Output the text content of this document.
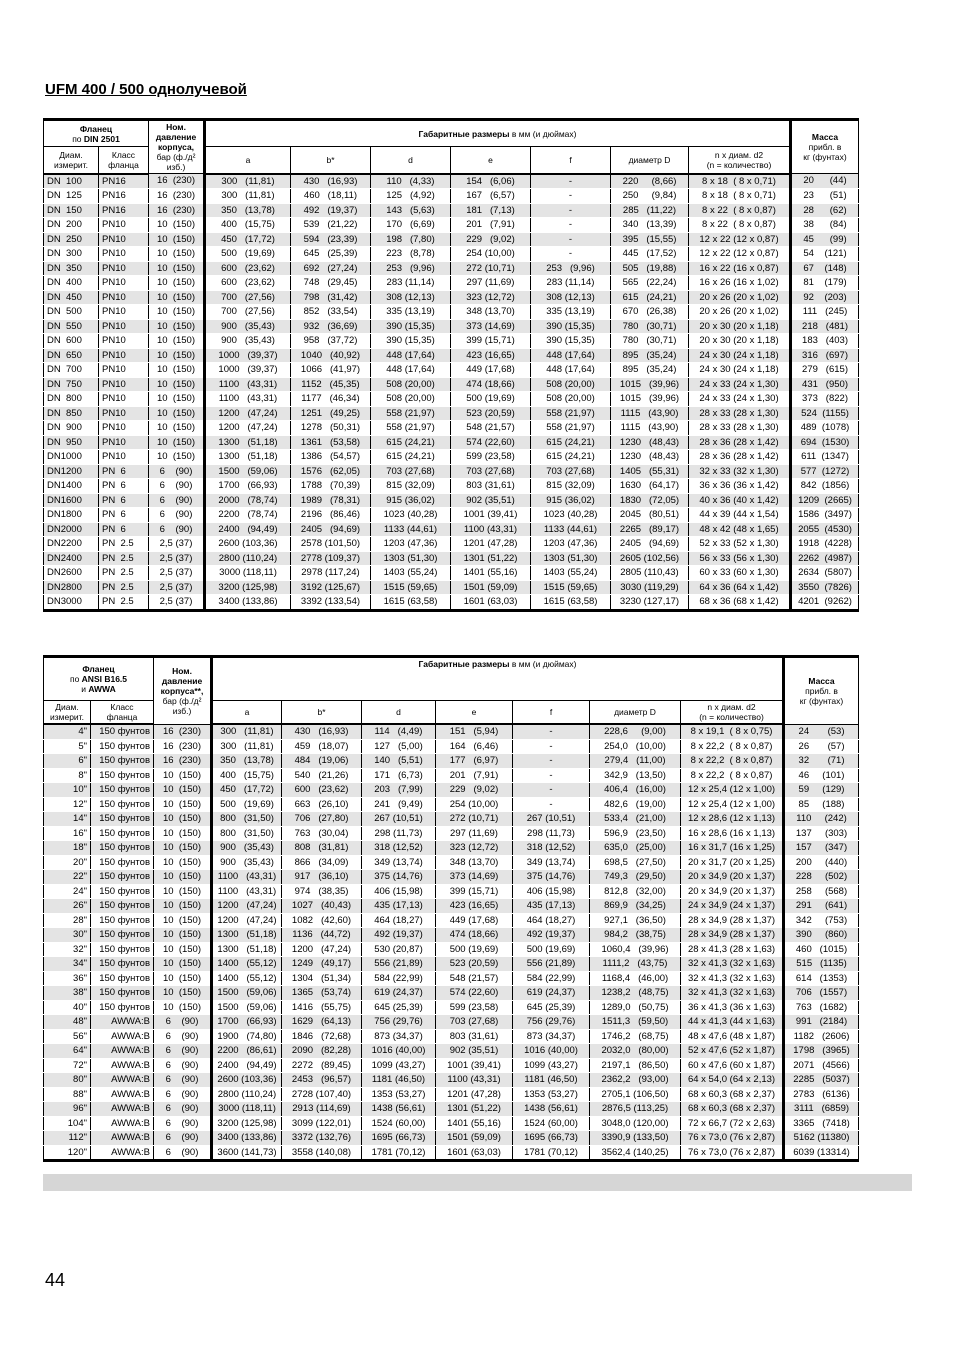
UFM 400 / 500 однолучевой
Фланец
по DIN 2501		Ном.
давление
корпуса,
бар (ф./д²
изб.)	Габаритные размеры в мм (и дюймах)							Масса
прибл. в
кг (фунтах)
Диам.
измерит.	Класс
фланца		a	b*	d	e	f	диаметр D	n x диам. d2
(n = количество)	
DN  100	PN16	16  (230)	300   (11,81)	430   (16,93)	110   (4,33)	154   (6,06)	-	220     (8,66)	8 x 18  ( 8 x 0,71)	20      (44)
DN  125	PN16	16  (230)	300   (11,81)	460   (18,11)	125   (4,92)	167   (6,57)	-	250     (9,84)	8 x 18  ( 8 x 0,71)	23      (51)
DN  150	PN16	16  (230)	350   (13,78)	492   (19,37)	143   (5,63)	181   (7,13)	-	285   (11,22)	8 x 22  ( 8 x 0,87)	28      (62)
DN  200	PN10	10  (150)	400   (15,75)	539   (21,22)	170   (6,69)	201   (7,91)	-	340   (13,39)	8 x 22  ( 8 x 0,87)	38      (84)
DN  250	PN10	10  (150)	450   (17,72)	594   (23,39)	198   (7,80)	229   (9,02)	-	395   (15,55)	12 x 22 (12 x 0,87)	45      (99)
DN  300	PN10	10  (150)	500   (19,69)	645   (25,39)	223   (8,78)	254 (10,00)	-	445   (17,52)	12 x 22 (12 x 0,87)	54    (121)
DN  350	PN10	10  (150)	600   (23,62)	692   (27,24)	253   (9,96)	272 (10,71)	253   (9,96)	505   (19,88)	16 x 22 (16 x 0,87)	67    (148)
DN  400	PN10	10  (150)	600   (23,62)	748   (29,45)	283 (11,14)	297 (11,69)	283 (11,14)	565   (22,24)	16 x 26 (16 x 1,02)	81    (179)
DN  450	PN10	10  (150)	700   (27,56)	798   (31,42)	308 (12,13)	323 (12,72)	308 (12,13)	615   (24,21)	20 x 26 (20 x 1,02)	92    (203)
DN  500	PN10	10  (150)	700   (27,56)	852   (33,54)	335 (13,19)	348 (13,70)	335 (13,19)	670   (26,38)	20 x 26 (20 x 1,02)	111   (245)
DN  550	PN10	10  (150)	900   (35,43)	932   (36,69)	390 (15,35)	373 (14,69)	390 (15,35)	780   (30,71)	20 x 30 (20 x 1,18)	218   (481)
DN  600	PN10	10  (150)	900   (35,43)	958   (37,72)	390 (15,35)	399 (15,71)	390 (15,35)	780   (30,71)	20 x 30 (20 x 1,18)	183   (403)
DN  650	PN10	10  (150)	1000   (39,37)	1040   (40,92)	448 (17,64)	423 (16,65)	448 (17,64)	895   (35,24)	24 x 30 (24 x 1,18)	316   (697)
DN  700	PN10	10  (150)	1000   (39,37)	1066   (41,97)	448 (17,64)	449 (17,68)	448 (17,64)	895   (35,24)	24 x 30 (24 x 1,18)	279   (615)
DN  750	PN10	10  (150)	1100   (43,31)	1152   (45,35)	508 (20,00)	474 (18,66)	508 (20,00)	1015   (39,96)	24 x 33 (24 x 1,30)	431   (950)
DN  800	PN10	10  (150)	1100   (43,31)	1177   (46,34)	508 (20,00)	500 (19,69)	508 (20,00)	1015   (39,96)	24 x 33 (24 x 1,30)	373   (822)
DN  850	PN10	10  (150)	1200   (47,24)	1251   (49,25)	558 (21,97)	523 (20,59)	558 (21,97)	1115   (43,90)	28 x 33 (28 x 1,30)	524  (1155)
DN  900	PN10	10  (150)	1200   (47,24)	1278   (50,31)	558 (21,97)	548 (21,57)	558 (21,97)	1115   (43,90)	28 x 33 (28 x 1,30)	489  (1078)
DN  950	PN10	10  (150)	1300   (51,18)	1361   (53,58)	615 (24,21)	574 (22,60)	615 (24,21)	1230   (48,43)	28 x 36 (28 x 1,42)	694  (1530)
DN1000	PN10	10  (150)	1300   (51,18)	1386   (54,57)	615 (24,21)	599 (23,58)	615 (24,21)	1230   (48,43)	28 x 36 (28 x 1,42)	611  (1347)
DN1200	PN  6	6    (90)	1500   (59,06)	1576   (62,05)	703 (27,68)	703 (27,68)	703 (27,68)	1405   (55,31)	32 x 33 (32 x 1,30)	577  (1272)
DN1400	PN  6	6    (90)	1700   (66,93)	1788   (70,39)	815 (32,09)	803 (31,61)	815 (32,09)	1630   (64,17)	36 x 36 (36 x 1,42)	842  (1856)
DN1600	PN  6	6    (90)	2000   (78,74)	1989   (78,31)	915 (36,02)	902 (35,51)	915 (36,02)	1830   (72,05)	40 x 36 (40 x 1,42)	1209  (2665)
DN1800	PN  6	6    (90)	2200   (78,74)	2196   (86,46)	1023 (40,28)	1001 (39,41)	1023 (40,28)	2045   (80,51)	44 x 39 (44 x 1,54)	1586  (3497)
DN2000	PN  6	6    (90)	2400   (94,49)	2405   (94,69)	1133 (44,61)	1100 (43,31)	1133 (44,61)	2265   (89,17)	48 x 42 (48 x 1,65)	2055  (4530)
DN2200	PN  2.5	2,5 (37)	2600 (103,36)	2578 (101,50)	1203 (47,36)	1201 (47,28)	1203 (47,36)	2405   (94,69)	52 x 33 (52 x 1,30)	1918  (4228)
DN2400	PN  2.5	2,5 (37)	2800 (110,24)	2778 (109,37)	1303 (51,30)	1301 (51,22)	1303 (51,30)	2605 (102,56)	56 x 33 (56 x 1,30)	2262  (4987)
DN2600	PN  2.5	2,5 (37)	3000 (118,11)	2978 (117,24)	1403 (55,24)	1401 (55,16)	1403 (55,24)	2805 (110,43)	60 x 33 (60 x 1,30)	2634  (5807)
DN2800	PN  2.5	2,5 (37)	3200 (125,98)	3192 (125,67)	1515 (59,65)	1501 (59,09)	1515 (59,65)	3030 (119,29)	64 x 36 (64 x 1,42)	3550  (7826)
DN3000	PN  2.5	2,5 (37)	3400 (133,86)	3392 (133,54)	1615 (63,58)	1601 (63,03)	1615 (63,58)	3230 (127,17)	68 x 36 (68 x 1,42)	4201  (9262)
Фланец
по ANSI B16.5
и AWWA		Ном.
давление
корпуса**,
бар (ф./д²
изб.)	Габаритные размеры в мм (и дюймах)							Масса
прибл. в
кг (фунтах)
Диам.
измерит.	Класс
фланца		a	b*	d	e	f	диаметр D	n x диам. d2
(n = количество)	
4"	150 фунтов	16  (230)	300   (11,81)	430   (16,93)	114   (4,49)	151   (5,94)	-	228,6     (9,00)	8 x 19,1  ( 8 x 0,75)	24       (53)
5"	150 фунтов	16  (230)	300   (11,81)	459   (18,07)	127   (5,00)	164   (6,46)	-	254,0   (10,00)	8 x 22,2  ( 8 x 0,87)	26       (57)
6"	150 фунтов	16  (230)	350   (13,78)	484   (19,06)	140   (5,51)	177   (6,97)	-	279,4   (11,00)	8 x 22,2  ( 8 x 0,87)	32       (71)
8"	150 фунтов	10  (150)	400   (15,75)	540   (21,26)	171   (6,73)	201   (7,91)	-	342,9   (13,50)	8 x 22,2  ( 8 x 0,87)	46     (101)
10"	150 фунтов	10  (150)	450   (17,72)	600   (23,62)	203   (7,99)	229   (9,02)	-	406,4   (16,00)	12 x 25,4 (12 x 1,00)	59     (129)
12"	150 фунтов	10  (150)	500   (19,69)	663   (26,10)	241   (9,49)	254 (10,00)	-	482,6   (19,00)	12 x 25,4 (12 x 1,00)	85     (188)
14"	150 фунтов	10  (150)	800   (31,50)	706   (27,80)	267 (10,51)	272 (10,71)	267 (10,51)	533,4   (21,00)	12 x 28,6 (12 x 1,13)	110     (242)
16"	150 фунтов	10  (150)	800   (31,50)	763   (30,04)	298 (11,73)	297 (11,69)	298 (11,73)	596,9   (23,50)	16 x 28,6 (16 x 1,13)	137     (303)
18"	150 фунтов	10  (150)	900   (35,43)	808   (31,81)	318 (12,52)	323 (12,72)	318 (12,52)	635,0   (25,00)	16 x 31,7 (16 x 1,25)	157     (347)
20"	150 фунтов	10  (150)	900   (35,43)	866   (34,09)	349 (13,74)	348 (13,70)	349 (13,74)	698,5   (27,50)	20 x 31,7 (20 x 1,25)	200     (440)
22"	150 фунтов	10  (150)	1100   (43,31)	917   (36,10)	375 (14,76)	373 (14,69)	375 (14,76)	749,3   (29,50)	20 x 34,9 (20 x 1,37)	228     (502)
24"	150 фунтов	10  (150)	1100   (43,31)	974   (38,35)	406 (15,98)	399 (15,71)	406 (15,98)	812,8   (32,00)	20 x 34,9 (20 x 1,37)	258     (568)
26"	150 фунтов	10  (150)	1200   (47,24)	1027   (40,43)	435 (17,13)	423 (16,65)	435 (17,13)	869,9   (34,25)	24 x 34,9 (24 x 1,37)	291     (641)
28"	150 фунтов	10  (150)	1200   (47,24)	1082   (42,60)	464 (18,27)	449 (17,68)	464 (18,27)	927,1   (36,50)	28 x 34,9 (28 x 1,37)	342     (753)
30"	150 фунтов	10  (150)	1300   (51,18)	1136   (44,72)	492 (19,37)	474 (18,66)	492 (19,37)	984,2   (38,75)	28 x 34,9 (28 x 1,37)	390     (860)
32"	150 фунтов	10  (150)	1300   (51,18)	1200   (47,24)	530 (20,87)	500 (19,69)	500 (19,69)	1060,4   (39,96)	28 x 41,3 (28 x 1,63)	460   (1015)
34"	150 фунтов	10  (150)	1400   (55,12)	1249   (49,17)	556 (21,89)	523 (20,59)	556 (21,89)	1111,2   (43,75)	32 x 41,3 (32 x 1,63)	515   (1135)
36"	150 фунтов	10  (150)	1400   (55,12)	1304   (51,34)	584 (22,99)	548 (21,57)	584 (22,99)	1168,4   (46,00)	32 x 41,3 (32 x 1,63)	614   (1353)
38"	150 фунтов	10  (150)	1500   (59,06)	1365   (53,74)	619 (24,37)	574 (22,60)	619 (24,37)	1238,2   (48,75)	32 x 41,3 (32 x 1,63)	706   (1557)
40"	150 фунтов	10  (150)	1500   (59,06)	1416   (55,75)	645 (25,39)	599 (23,58)	645 (25,39)	1289,0   (50,75)	36 x 41,3 (36 x 1,63)	763   (1682)
48"	AWWA:B	6    (90)	1700   (66,93)	1629   (64,13)	756 (29,76)	703 (27,68)	756 (29,76)	1511,3   (59,50)	44 x 41,3 (44 x 1,63)	991   (2184)
56"	AWWA:B	6    (90)	1900   (74,80)	1846   (72,68)	873 (34,37)	803 (31,61)	873 (34,37)	1746,2   (68,75)	48 x 47,6 (48 x 1,87)	1182   (2606)
64"	AWWA:B	6    (90)	2200   (86,61)	2090   (82,28)	1016 (40,00)	902 (35,51)	1016 (40,00)	2032,0   (80,00)	52 x 47,6 (52 x 1,87)	1798   (3965)
72"	AWWA:B	6    (90)	2400   (94,49)	2272   (89,45)	1099 (43,27)	1001 (39,41)	1099 (43,27)	2197,1   (86,50)	60 x 47,6 (60 x 1,87)	2071   (4566)
80"	AWWA:B	6    (90)	2600 (103,36)	2453   (96,57)	1181 (46,50)	1100 (43,31)	1181 (46,50)	2362,2   (93,00)	64 x 54,0 (64 x 2,13)	2285   (5037)
88"	AWWA:B	6    (90)	2800 (110,24)	2728 (107,40)	1353 (53,27)	1201 (47,28)	1353 (53,27)	2705,1 (106,50)	68 x 60,3 (68 x 2,37)	2783   (6136)
96"	AWWA:B	6    (90)	3000 (118,11)	2913 (114,69)	1438 (56,61)	1301 (51,22)	1438 (56,61)	2876,5 (113,25)	68 x 60,3 (68 x 2,37)	3111   (6859)
104"	AWWA:B	6    (90)	3200 (125,98)	3099 (122,01)	1524 (60,00)	1401 (55,16)	1524 (60,00)	3048,0 (120,00)	72 x 66,7 (72 x 2,63)	3365   (7418)
112"	AWWA:B	6    (90)	3400 (133,86)	3372 (132,76)	1695 (66,73)	1501 (59,09)	1695 (66,73)	3390,9 (133,50)	76 x 73,0 (76 x 2,87)	5162 (11380)
120"	AWWA:B	6    (90)	3600 (141,73)	3558 (140,08)	1781 (70,12)	1601 (63,03)	1781 (70,12)	3562,4 (140,25)	76 x 73,0 (76 x 2,87)	6039 (13314)
44
